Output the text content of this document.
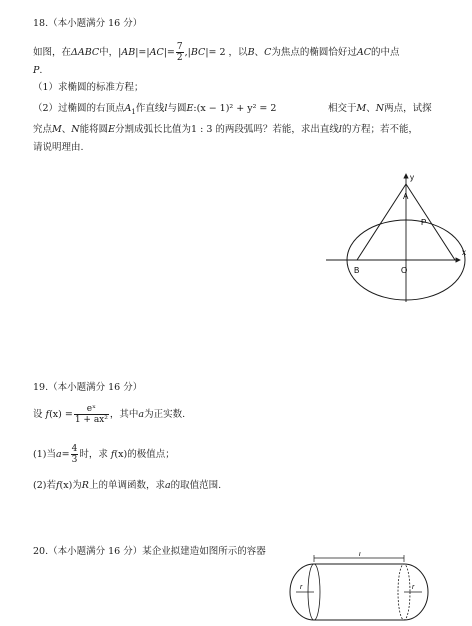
18.（本小题满分 16 分）
如图，在ΔABC中，$|AB|=|AC|= \frac{7}{2} ,|BC|= 2$ ，以B、C为焦点的椭圆恰好过AC的中点
P.
（1）求椭圆的标准方程；
（2）过椭圆的右顶点$A_1$作直线l与圆E:(x − 1)² + y² = 2	相交于M、N两点，试探
究点M、N能将圆E分割成弧长比值为1 : 3 的两段弧吗？若能，求出直线l的方程；若不能，
请说明理由.
y
x
A
P
B	O
19.（本小题满分 16 分）
设 $f(x) = \frac{\text{eˣ}}{\text{1 + ax²}}$ ，其中a为正实数.
(1)当$a= \frac{4}{3}$ 时，求 f(x)的极值点；
(2)若f(x)为R上的单调函数，求a的取值范围.
20.（本小题满分 16 分）某企业拟建造如图所示的容器	l
r	r
